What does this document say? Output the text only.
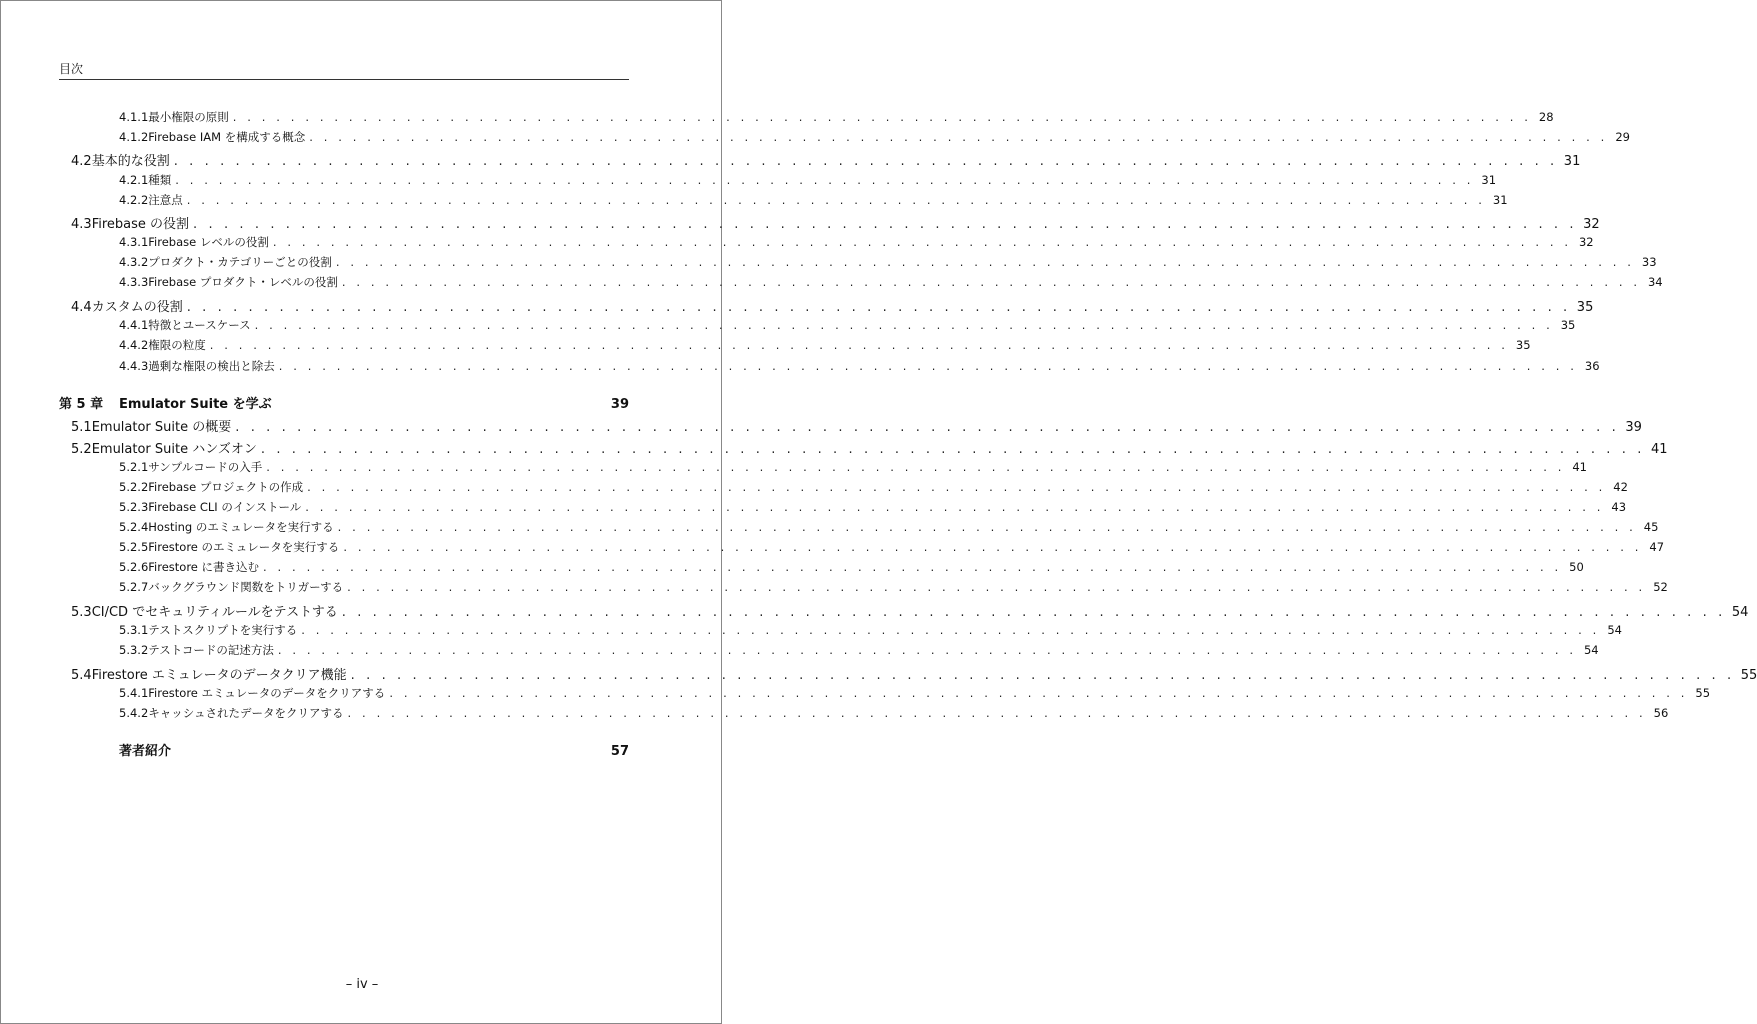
目次
4.1.1 最小権限の原則 . . . . . . . . . . . . . . . . . . . . . . . . . . . . . . . . . . . . . . . . . . . . . . . . . . . . . . . . . . . . . . . . . . . . . . . . . . . . . . . . . . . . . . . . . . 28
4.1.2 Firebase IAM を構成する概念 . . . . . . . . . . . . . . . . . . . . . . . . . . . . . . . . . . . . . . . . . . . . . . . . . . . . . . . . . . . . . . . . . . . . . . . . . . . . . . . . . . . . . . . . . . 29
4.2 基本的な役割 . . . . . . . . . . . . . . . . . . . . . . . . . . . . . . . . . . . . . . . . . . . . . . . . . . . . . . . . . . . . . . . . . . . . . . . . . . . . . . . . . . . . . . . . . . 31
4.2.1 種類 . . . . . . . . . . . . . . . . . . . . . . . . . . . . . . . . . . . . . . . . . . . . . . . . . . . . . . . . . . . . . . . . . . . . . . . . . . . . . . . . . . . . . . . . . . 31
4.2.2 注意点 . . . . . . . . . . . . . . . . . . . . . . . . . . . . . . . . . . . . . . . . . . . . . . . . . . . . . . . . . . . . . . . . . . . . . . . . . . . . . . . . . . . . . . . . . . 31
4.3 Firebase の役割 . . . . . . . . . . . . . . . . . . . . . . . . . . . . . . . . . . . . . . . . . . . . . . . . . . . . . . . . . . . . . . . . . . . . . . . . . . . . . . . . . . . . . . . . . . 32
4.3.1 Firebase レベルの役割 . . . . . . . . . . . . . . . . . . . . . . . . . . . . . . . . . . . . . . . . . . . . . . . . . . . . . . . . . . . . . . . . . . . . . . . . . . . . . . . . . . . . . . . . . . 32
4.3.2 プロダクト・カテゴリーごとの役割 . . . . . . . . . . . . . . . . . . . . . . . . . . . . . . . . . . . . . . . . . . . . . . . . . . . . . . . . . . . . . . . . . . . . . . . . . . . . . . . . . . . . . . . . . . 33
4.3.3 Firebase プロダクト・レベルの役割 . . . . . . . . . . . . . . . . . . . . . . . . . . . . . . . . . . . . . . . . . . . . . . . . . . . . . . . . . . . . . . . . . . . . . . . . . . . . . . . . . . . . . . . . . . 34
4.4 カスタムの役割 . . . . . . . . . . . . . . . . . . . . . . . . . . . . . . . . . . . . . . . . . . . . . . . . . . . . . . . . . . . . . . . . . . . . . . . . . . . . . . . . . . . . . . . . . . 35
4.4.1 特徴とユースケース . . . . . . . . . . . . . . . . . . . . . . . . . . . . . . . . . . . . . . . . . . . . . . . . . . . . . . . . . . . . . . . . . . . . . . . . . . . . . . . . . . . . . . . . . . 35
4.4.2 権限の粒度 . . . . . . . . . . . . . . . . . . . . . . . . . . . . . . . . . . . . . . . . . . . . . . . . . . . . . . . . . . . . . . . . . . . . . . . . . . . . . . . . . . . . . . . . . . 35
4.4.3 過剰な権限の検出と除去 . . . . . . . . . . . . . . . . . . . . . . . . . . . . . . . . . . . . . . . . . . . . . . . . . . . . . . . . . . . . . . . . . . . . . . . . . . . . . . . . . . . . . . . . . . 36
第 5 章	Emulator Suite を学ぶ	39
5.1 Emulator Suite の概要 . . . . . . . . . . . . . . . . . . . . . . . . . . . . . . . . . . . . . . . . . . . . . . . . . . . . . . . . . . . . . . . . . . . . . . . . . . . . . . . . . . . . . . . . . . 39
5.2 Emulator Suite ハンズオン . . . . . . . . . . . . . . . . . . . . . . . . . . . . . . . . . . . . . . . . . . . . . . . . . . . . . . . . . . . . . . . . . . . . . . . . . . . . . . . . . . . . . . . . . . 41
5.2.1 サンプルコードの入手 . . . . . . . . . . . . . . . . . . . . . . . . . . . . . . . . . . . . . . . . . . . . . . . . . . . . . . . . . . . . . . . . . . . . . . . . . . . . . . . . . . . . . . . . . . 41
5.2.2 Firebase プロジェクトの作成 . . . . . . . . . . . . . . . . . . . . . . . . . . . . . . . . . . . . . . . . . . . . . . . . . . . . . . . . . . . . . . . . . . . . . . . . . . . . . . . . . . . . . . . . . . 42
5.2.3 Firebase CLI のインストール . . . . . . . . . . . . . . . . . . . . . . . . . . . . . . . . . . . . . . . . . . . . . . . . . . . . . . . . . . . . . . . . . . . . . . . . . . . . . . . . . . . . . . . . . . 43
5.2.4 Hosting のエミュレータを実行する . . . . . . . . . . . . . . . . . . . . . . . . . . . . . . . . . . . . . . . . . . . . . . . . . . . . . . . . . . . . . . . . . . . . . . . . . . . . . . . . . . . . . . . . . . 45
5.2.5 Firestore のエミュレータを実行する . . . . . . . . . . . . . . . . . . . . . . . . . . . . . . . . . . . . . . . . . . . . . . . . . . . . . . . . . . . . . . . . . . . . . . . . . . . . . . . . . . . . . . . . . . 47
5.2.6 Firestore に書き込む . . . . . . . . . . . . . . . . . . . . . . . . . . . . . . . . . . . . . . . . . . . . . . . . . . . . . . . . . . . . . . . . . . . . . . . . . . . . . . . . . . . . . . . . . . 50
5.2.7 バックグラウンド関数をトリガーする . . . . . . . . . . . . . . . . . . . . . . . . . . . . . . . . . . . . . . . . . . . . . . . . . . . . . . . . . . . . . . . . . . . . . . . . . . . . . . . . . . . . . . . . . . 52
5.3 CI/CD でセキュリティルールをテストする . . . . . . . . . . . . . . . . . . . . . . . . . . . . . . . . . . . . . . . . . . . . . . . . . . . . . . . . . . . . . . . . . . . . . . . . . . . . . . . . . . . . . . . . . . 54
5.3.1 テストスクリプトを実行する . . . . . . . . . . . . . . . . . . . . . . . . . . . . . . . . . . . . . . . . . . . . . . . . . . . . . . . . . . . . . . . . . . . . . . . . . . . . . . . . . . . . . . . . . . 54
5.3.2 テストコードの記述方法 . . . . . . . . . . . . . . . . . . . . . . . . . . . . . . . . . . . . . . . . . . . . . . . . . . . . . . . . . . . . . . . . . . . . . . . . . . . . . . . . . . . . . . . . . . 54
5.4 Firestore エミュレータのデータクリア機能 . . . . . . . . . . . . . . . . . . . . . . . . . . . . . . . . . . . . . . . . . . . . . . . . . . . . . . . . . . . . . . . . . . . . . . . . . . . . . . . . . . . . . . . . . . 55
5.4.1 Firestore エミュレータのデータをクリアする . . . . . . . . . . . . . . . . . . . . . . . . . . . . . . . . . . . . . . . . . . . . . . . . . . . . . . . . . . . . . . . . . . . . . . . . . . . . . . . . . . . . . . . . . . 55
5.4.2 キャッシュされたデータをクリアする . . . . . . . . . . . . . . . . . . . . . . . . . . . . . . . . . . . . . . . . . . . . . . . . . . . . . . . . . . . . . . . . . . . . . . . . . . . . . . . . . . . . . . . . . . 56
著者紹介	57
– iv –
